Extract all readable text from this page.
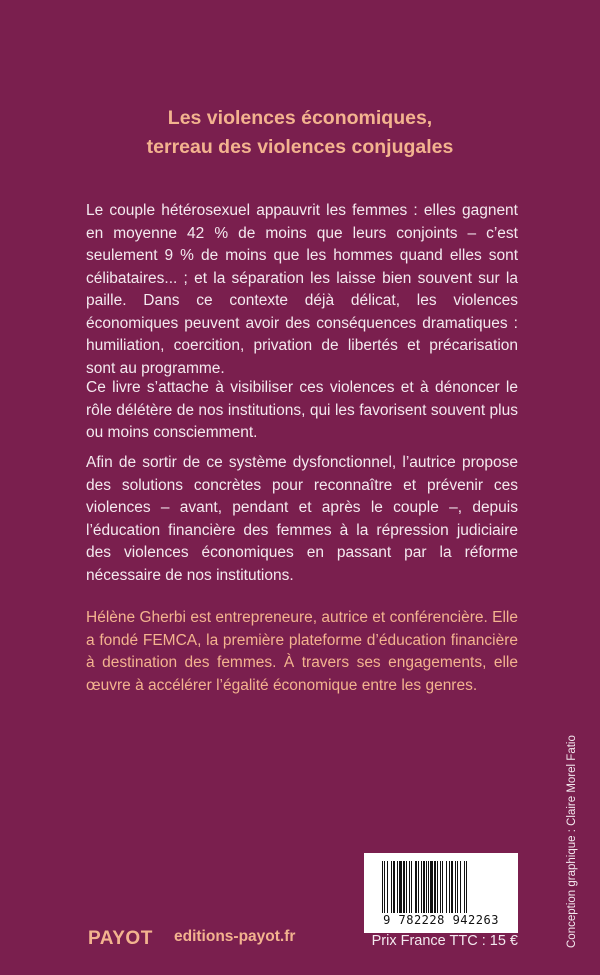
Les violences économiques,
terreau des violences conjugales

Le couple hétérosexuel appauvrit les femmes : elles gagnent en moyenne 42 % de moins que leurs conjoints – c’est seulement 9 % de moins que les hommes quand elles sont célibataires... ; et la séparation les laisse bien souvent sur la paille. Dans ce contexte déjà délicat, les violences économiques peuvent avoir des conséquences dramatiques : humiliation, coercition, privation de libertés et précarisation sont au programme.

Ce livre s’attache à visibiliser ces violences et à dénoncer le rôle délétère de nos institutions, qui les favorisent souvent plus ou moins consciemment.

Afin de sortir de ce système dysfonctionnel, l’autrice propose des solutions concrètes pour reconnaître et prévenir ces violences – avant, pendant et après le couple –, depuis l’éducation financière des femmes à la répression judiciaire des violences économiques en passant par la réforme nécessaire de nos institutions.

Hélène Gherbi est entrepreneure, autrice et conférencière. Elle a fondé FEMCA, la première plateforme d’éducation financière à destination des femmes. À travers ses engagements, elle œuvre à accélérer l’égalité économique entre les genres.

Conception graphique : Claire Morel Fatio
9 782228 942263
PAYOT editions-payot.fr	Prix France TTC : 15 €
